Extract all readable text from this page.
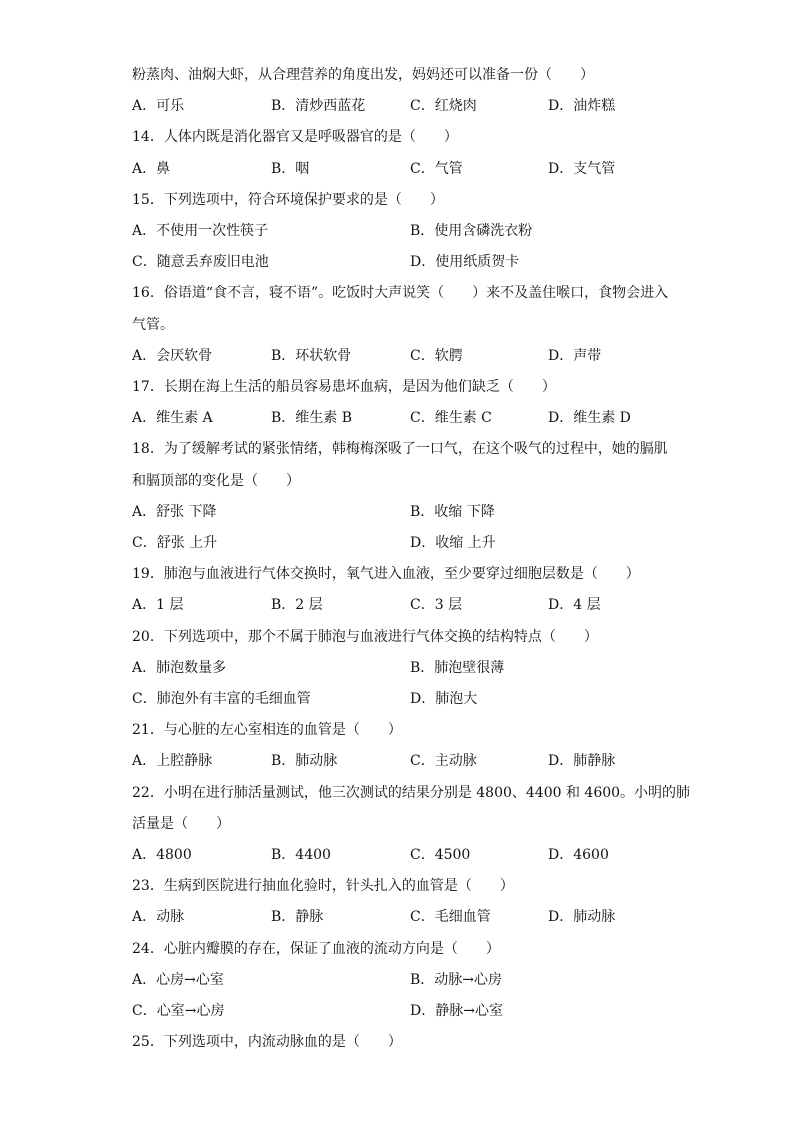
粉蒸肉、油焖大虾，从合理营养的角度出发，妈妈还可以准备一份（　　）
A．可乐	B．清炒西蓝花	C．红烧肉	D．油炸糕
14．人体内既是消化器官又是呼吸器官的是（　　）
A．鼻	B．咽	C．气管	D．支气管
15．下列选项中，符合环境保护要求的是（　　）
A．不使用一次性筷子	B．使用含磷洗衣粉
C．随意丢弃废旧电池	D．使用纸质贺卡
16．俗语道“食不言，寝不语”。吃饭时大声说笑（　　）来不及盖住喉口，食物会进入
气管。
A．会厌软骨	B．环状软骨	C．软腭	D．声带
17．长期在海上生活的船员容易患坏血病，是因为他们缺乏（　　）
A．维生素 A	B．维生素 B	C．维生素 C	D．维生素 D
18．为了缓解考试的紧张情绪，韩梅梅深吸了一口气，在这个吸气的过程中，她的膈肌
和膈顶部的变化是（　　）
A．舒张 下降	B．收缩 下降
C．舒张 上升	D．收缩 上升
19．肺泡与血液进行气体交换时，氧气进入血液，至少要穿过细胞层数是（　　）
A．1 层	B．2 层	C．3 层	D．4 层
20．下列选项中，那个不属于肺泡与血液进行气体交换的结构特点（　　）
A．肺泡数量多	B．肺泡壁很薄
C．肺泡外有丰富的毛细血管	D．肺泡大
21．与心脏的左心室相连的血管是（　　）
A．上腔静脉	B．肺动脉	C．主动脉	D．肺静脉
22．小明在进行肺活量测试，他三次测试的结果分别是 4800、4400 和 4600。小明的肺
活量是（　　）
A．4800	B．4400	C．4500	D．4600
23．生病到医院进行抽血化验时，针头扎入的血管是（　　）
A．动脉	B．静脉	C．毛细血管	D．肺动脉
24．心脏内瓣膜的存在，保证了血液的流动方向是（　　）
A．心房→心室	B．动脉→心房
C．心室→心房	D．静脉→心室
25．下列选项中，内流动脉血的是（　　）
